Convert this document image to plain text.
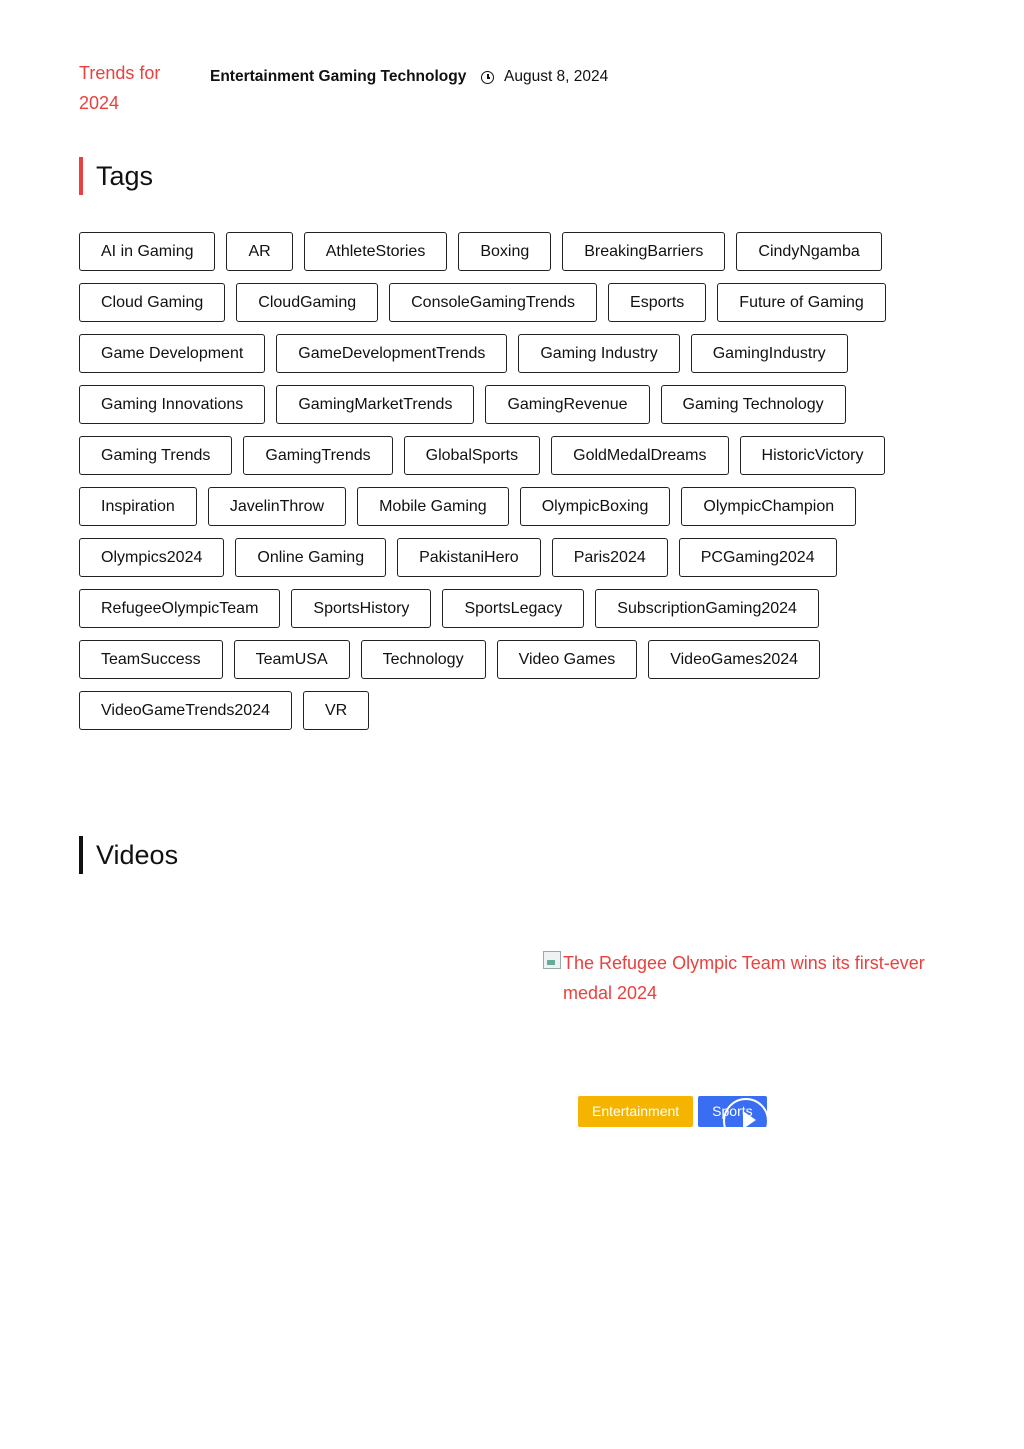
Trends for 2024
Entertainment Gaming Technology August 8, 2024
Tags
AI in Gaming	AR	AthleteStories	Boxing	BreakingBarriers	CindyNgamba
Cloud Gaming	CloudGaming	ConsoleGamingTrends	Esports	Future of Gaming
Game Development	GameDevelopmentTrends	Gaming Industry	GamingIndustry
Gaming Innovations	GamingMarketTrends	GamingRevenue	Gaming Technology
Gaming Trends	GamingTrends	GlobalSports	GoldMedalDreams	HistoricVictory
Inspiration	JavelinThrow	Mobile Gaming	OlympicBoxing	OlympicChampion
Olympics2024	Online Gaming	PakistaniHero	Paris2024	PCGaming2024
RefugeeOlympicTeam	SportsHistory	SportsLegacy	SubscriptionGaming2024
TeamSuccess	TeamUSA	Technology	Video Games	VideoGames2024
VideoGameTrends2024	VR
Videos
The Refugee Olympic Team wins its first-ever medal 2024
Entertainment	Sports
